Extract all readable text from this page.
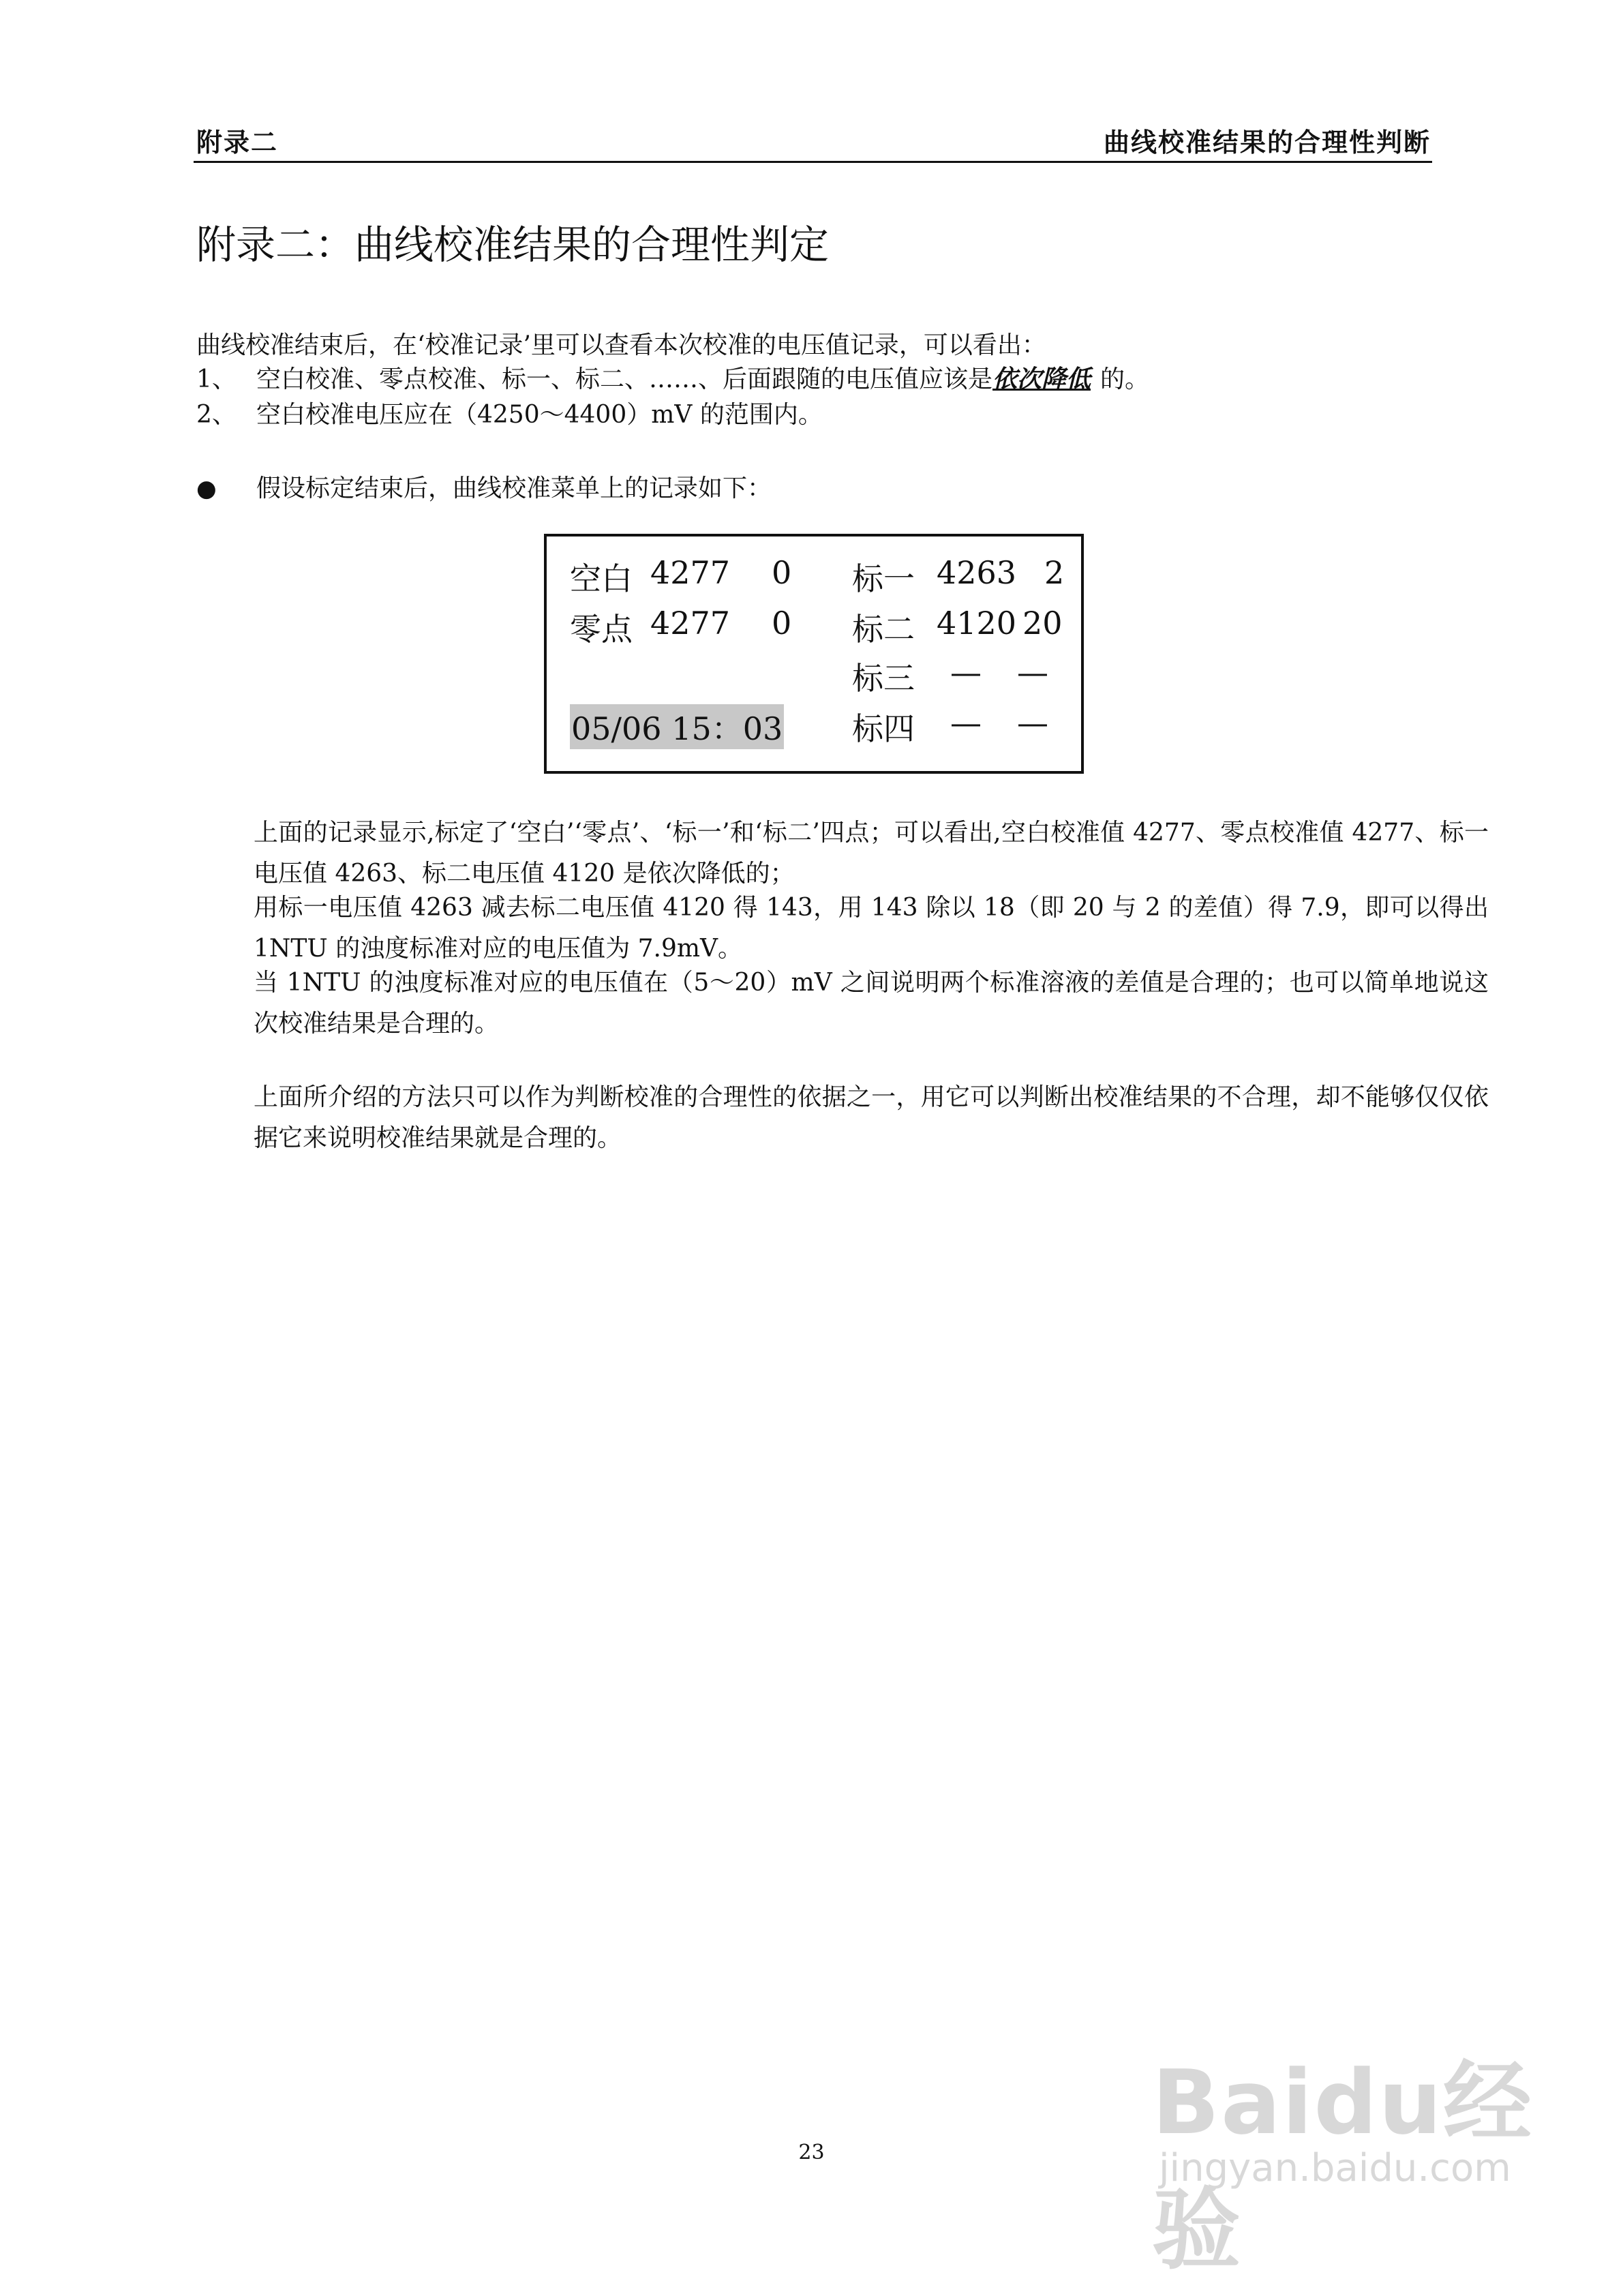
附录二	曲线校准结果的合理性判断
附录二：曲线校准结果的合理性判定
曲线校准结束后，在‘校准记录’里可以查看本次校准的电压值记录，可以看出：
1、 空白校准、零点校准、标一、标二、……、后面跟随的电压值应该是依次降低 的。
2、 空白校准电压应在（4250～4400）mV 的范围内。
● 假设标定结束后，曲线校准菜单上的记录如下：
空白 4277 0 标一 4263 2
零点 4277 0 标二 4120 20
标三 — —
05/06 15：03 标四 — —

上面的记录显示,标定了‘空白’‘零点’、‘标一’和‘标二’四点；可以看出,空白校准值 4277、零点校准值 4277、标一电压值 4263、标二电压值 4120 是依次降低的；

用标一电压值 4263 减去标二电压值 4120 得 143，用 143 除以 18（即 20 与 2 的差值）得 7.9，即可以得出 1NTU 的浊度标准对应的电压值为 7.9mV。

当 1NTU 的浊度标准对应的电压值在（5～20）mV 之间说明两个标准溶液的差值是合理的；也可以简单地说这次校准结果是合理的。

上面所介绍的方法只可以作为判断校准的合理性的依据之一，用它可以判断出校准结果的不合理，却不能够仅仅依据它来说明校准结果就是合理的。

23	Baidu经验
jingyan.baidu.com
